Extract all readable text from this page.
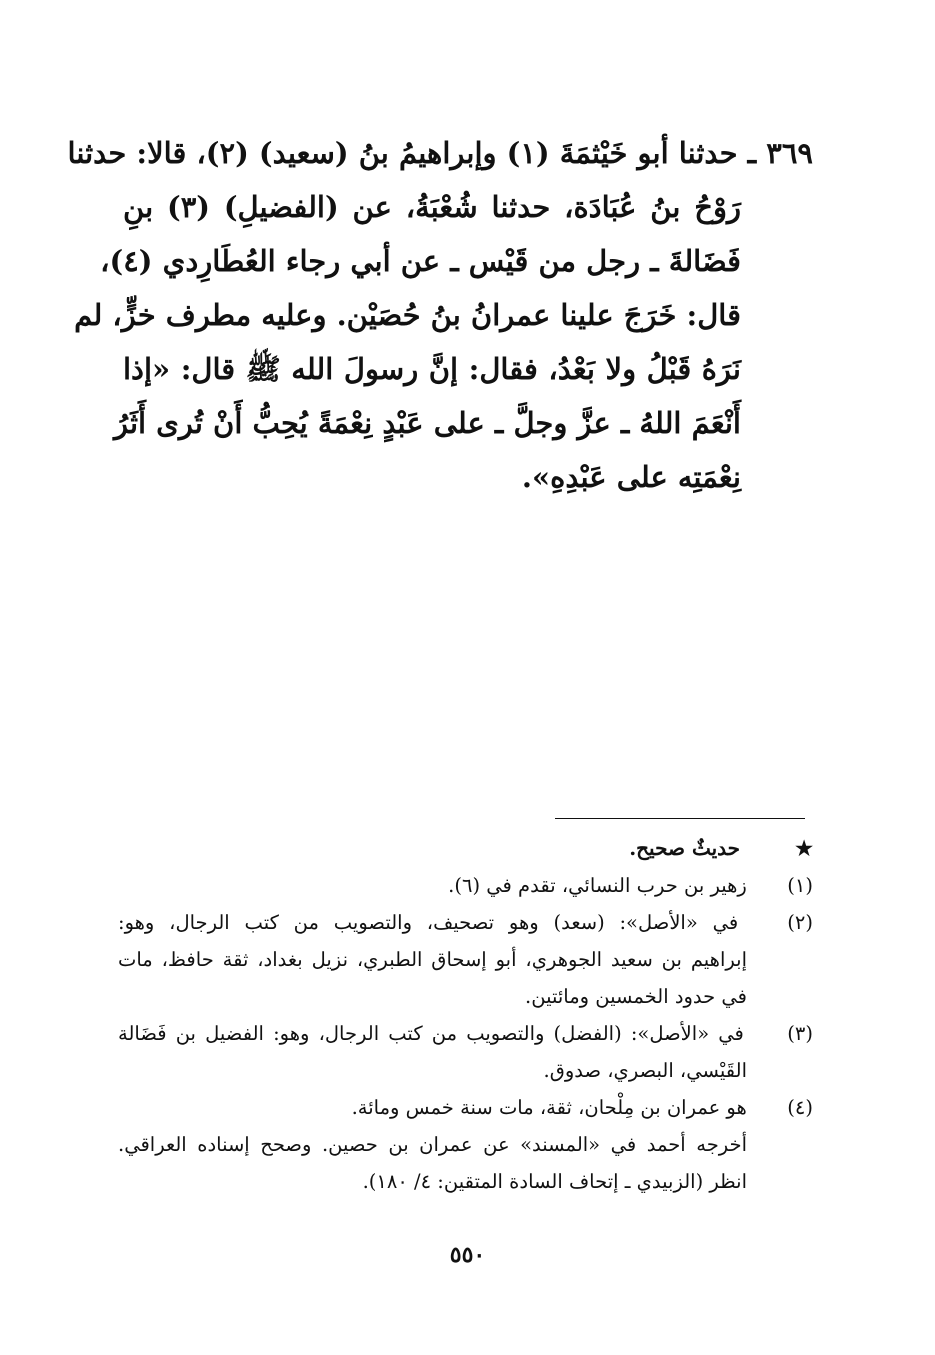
٣٦٩ ـ حدثنا أبو خَيْثمَةَ (١) وإبراهيمُ بنُ (سعيد) (٢)، قالا: حدثنا
رَوْحُ بنُ عُبَادَة، حدثنا شُعْبَةُ، عن (الفضيلِ) (٣) بنِ
فَضَالةَ ـ رجل من قَيْس ـ عن أبي رجاء العُطَارِدي (٤)،
قال: خَرَجَ علينا عمرانُ بنُ حُصَيْن. وعليه مطرف خزٍّ، لم
نَرَهُ قَبْلُ ولا بَعْدُ، فقال: إنَّ رسولَ الله ﷺ قال: «إذا
أَنْعَمَ اللهُ ـ عزَّ وجلَّ ـ على عَبْدٍ نِعْمَةً يُحِبُّ أَنْ تُرى أَثَرُ
نِعْمَتِه على عَبْدِهِ».
★ حديثٌ صحيح.
(١) زهير بن حرب النسائي، تقدم في (٦).
(٢) في «الأصل»: (سعد) وهو تصحيف، والتصويب من كتب الرجال، وهو:
إبراهيم بن سعيد الجوهري، أبو إسحاق الطبري، نزيل بغداد، ثقة حافظ، مات
في حدود الخمسين ومائتين.
(٣) في «الأصل»: (الفضل) والتصويب من كتب الرجال، وهو: الفضيل بن فَضَالة
القَيْسي، البصري، صدوق.
(٤) هو عمران بن مِلْحان، ثقة، مات سنة خمس ومائة.
أخرجه أحمد في «المسند» عن عمران بن حصين. وصحح إسناده العراقي.
انظر (الزبيدي ـ إتحاف السادة المتقين: ٤/ ١٨٠).
٥٥٠
